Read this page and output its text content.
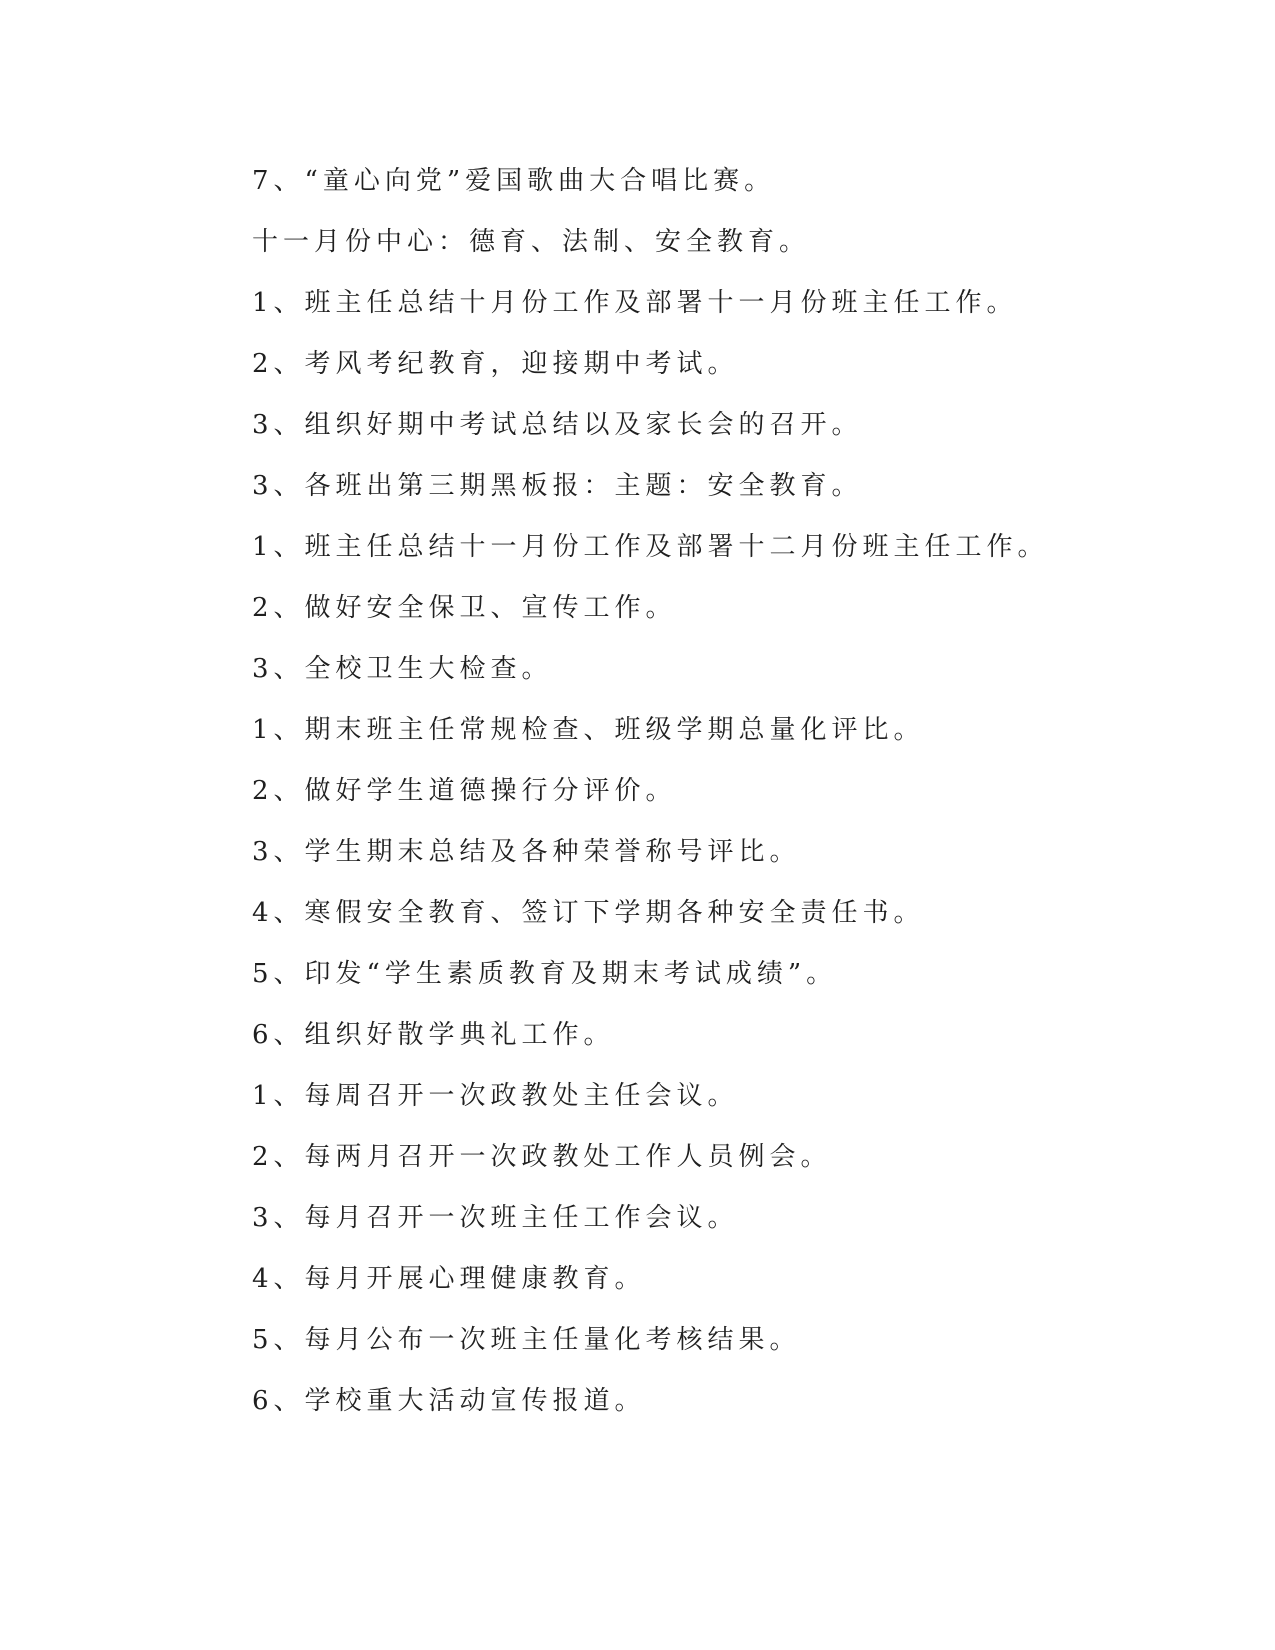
7、“童心向党”爱国歌曲大合唱比赛。
十一月份中心：德育、法制、安全教育。
1、班主任总结十月份工作及部署十一月份班主任工作。
2、考风考纪教育，迎接期中考试。
3、组织好期中考试总结以及家长会的召开。
3、各班出第三期黑板报：主题：安全教育。
1、班主任总结十一月份工作及部署十二月份班主任工作。
2、做好安全保卫、宣传工作。
3、全校卫生大检查。
1、期末班主任常规检查、班级学期总量化评比。
2、做好学生道德操行分评价。
3、学生期末总结及各种荣誉称号评比。
4、寒假安全教育、签订下学期各种安全责任书。
5、印发“学生素质教育及期末考试成绩”。
6、组织好散学典礼工作。
1、每周召开一次政教处主任会议。
2、每两月召开一次政教处工作人员例会。
3、每月召开一次班主任工作会议。
4、每月开展心理健康教育。
5、每月公布一次班主任量化考核结果。
6、学校重大活动宣传报道。
